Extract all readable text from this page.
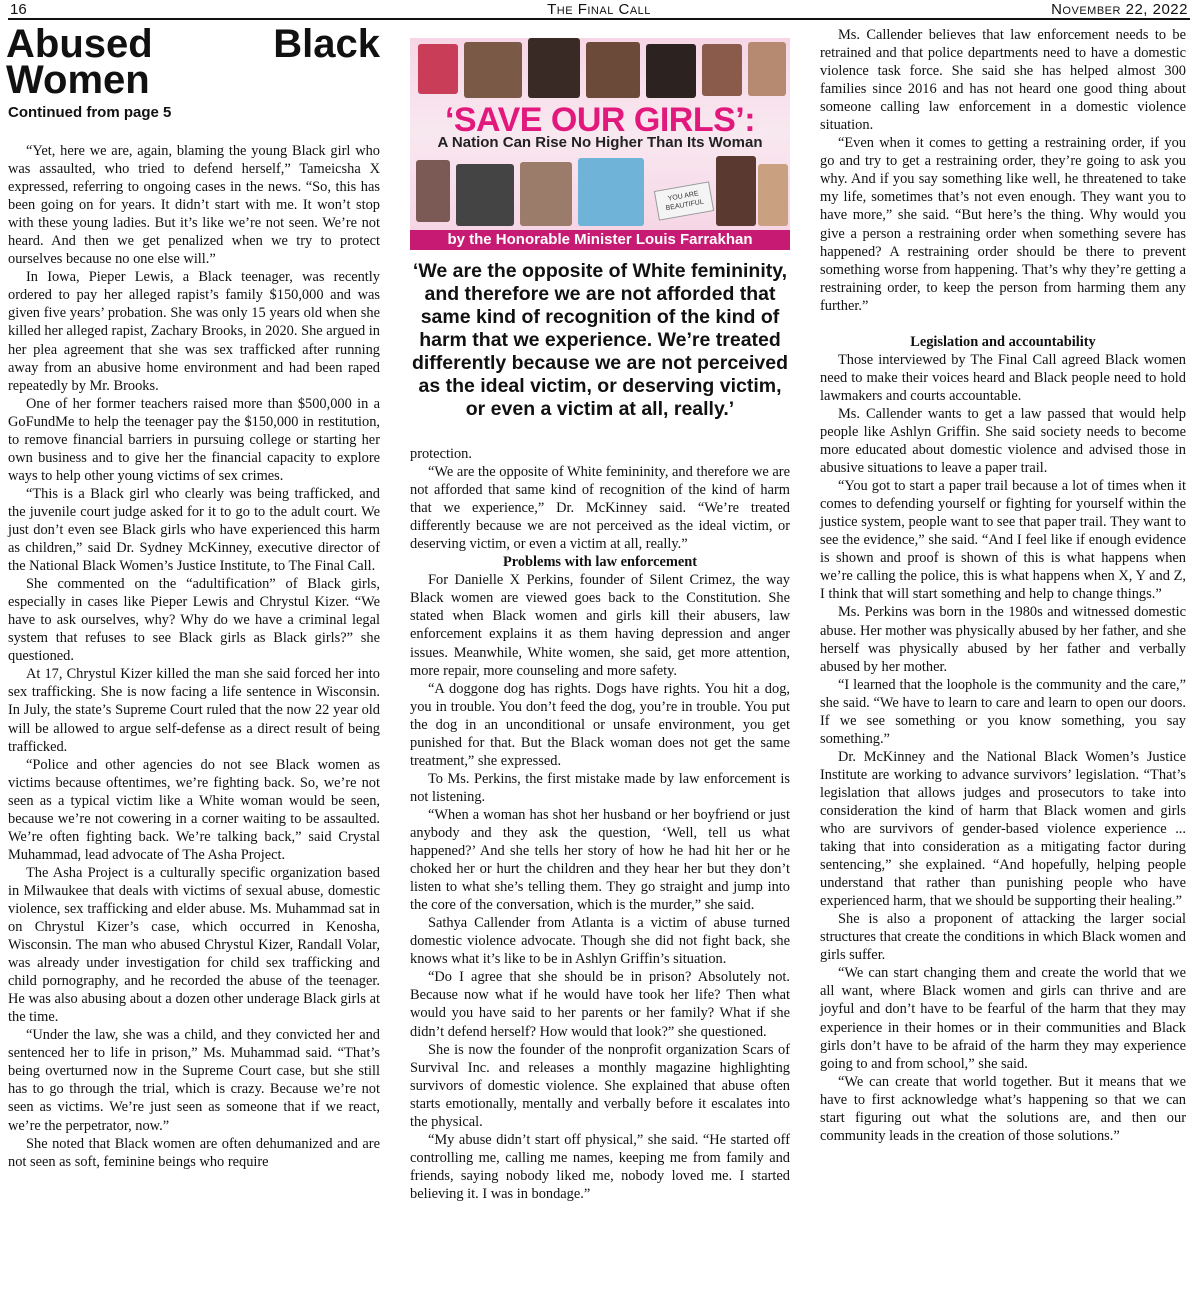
16	The Final Call	November 22, 2022
Abused Black Women
Continued from page 5

“Yet, here we are, again, blaming the young Black girl who was assaulted, who tried to defend herself,” Tameicsha X expressed, referring to ongoing cases in the news. “So, this has been going on for years. It didn’t start with me. It won’t stop with these young ladies. But it’s like we’re not seen. We’re not heard. And then we get penalized when we try to protect ourselves because no one else will.”

In Iowa, Pieper Lewis, a Black teenager, was recently ordered to pay her alleged rapist’s family $150,000 and was given five years’ probation. She was only 15 years old when she killed her alleged rapist, Zachary Brooks, in 2020. She argued in her plea agreement that she was sex trafficked after running away from an abusive home environment and had been raped repeatedly by Mr. Brooks.

One of her former teachers raised more than $500,000 in a GoFundMe to help the teenager pay the $150,000 in restitution, to remove financial barriers in pursuing college or starting her own business and to give her the financial capacity to explore ways to help other young victims of sex crimes.

“This is a Black girl who clearly was being trafficked, and the juvenile court judge asked for it to go to the adult court. We just don’t even see Black girls who have experienced this harm as children,” said Dr. Sydney McKinney, executive director of the National Black Women’s Justice Institute, to The Final Call.

She commented on the “adultification” of Black girls, especially in cases like Pieper Lewis and Chrystul Kizer. “We have to ask ourselves, why? Why do we have a criminal legal system that refuses to see Black girls as Black girls?” she questioned.

At 17, Chrystul Kizer killed the man she said forced her into sex trafficking. She is now facing a life sentence in Wisconsin. In July, the state’s Supreme Court ruled that the now 22 year old will be allowed to argue self-defense as a direct result of being trafficked.

“Police and other agencies do not see Black women as victims because oftentimes, we’re fighting back. So, we’re not seen as a typical victim like a White woman would be seen, because we’re not cowering in a corner waiting to be assaulted. We’re often fighting back. We’re talking back,” said Crystal Muhammad, lead advocate of The Asha Project.

The Asha Project is a culturally specific organization based in Milwaukee that deals with victims of sexual abuse, domestic violence, sex trafficking and elder abuse. Ms. Muhammad sat in on Chrystul Kizer’s case, which occurred in Kenosha, Wisconsin. The man who abused Chrystul Kizer, Randall Volar, was already under investigation for child sex trafficking and child pornography, and he recorded the abuse of the teenager. He was also abusing about a dozen other underage Black girls at the time.

“Under the law, she was a child, and they convicted her and sentenced her to life in prison,” Ms. Muhammad said. “That’s being overturned now in the Supreme Court case, but she still has to go through the trial, which is crazy. Because we’re not seen as victims. We’re just seen as someone that if we react, we’re the perpetrator, now.”

She noted that Black women are often dehumanized and are not seen as soft, feminine beings who require

‘SAVE OUR GIRLS’:
A Nation Can Rise No Higher Than Its Woman
YOU ARE BEAUTIFUL
by the Honorable Minister Louis Farrakhan
‘We are the opposite of White femininity, and therefore we are not afforded that same kind of recognition of the kind of harm that we experience. We’re treated differently because we are not perceived as the ideal victim, or deserving victim, or even a victim at all, really.’

protection.

“We are the opposite of White femininity, and therefore we are not afforded that same kind of recognition of the kind of harm that we experience,” Dr. McKinney said. “We’re treated differently because we are not perceived as the ideal victim, or deserving victim, or even a victim at all, really.”

Problems with law enforcement

For Danielle X Perkins, founder of Silent Crimez, the way Black women are viewed goes back to the Constitution. She stated when Black women and girls kill their abusers, law enforcement explains it as them having depression and anger issues. Meanwhile, White women, she said, get more attention, more repair, more counseling and more safety.

“A doggone dog has rights. Dogs have rights. You hit a dog, you in trouble. You don’t feed the dog, you’re in trouble. You put the dog in an unconditional or unsafe environment, you get punished for that. But the Black woman does not get the same treatment,” she expressed.

To Ms. Perkins, the first mistake made by law enforcement is not listening.

“When a woman has shot her husband or her boyfriend or just anybody and they ask the question, ‘Well, tell us what happened?’ And she tells her story of how he had hit her or he choked her or hurt the children and they hear her but they don’t listen to what she’s telling them. They go straight and jump into the core of the conversation, which is the murder,” she said.

Sathya Callender from Atlanta is a victim of abuse turned domestic violence advocate. Though she did not fight back, she knows what it’s like to be in Ashlyn Griffin’s situation.

“Do I agree that she should be in prison? Absolutely not. Because now what if he would have took her life? Then what would you have said to her parents or her family? What if she didn’t defend herself? How would that look?” she questioned.

She is now the founder of the nonprofit organization Scars of Survival Inc. and releases a monthly magazine highlighting survivors of domestic violence. She explained that abuse often starts emotionally, mentally and verbally before it escalates into the physical.

“My abuse didn’t start off physical,” she said. “He started off controlling me, calling me names, keeping me from family and friends, saying nobody liked me, nobody loved me. I started believing it. I was in bondage.”

Ms. Callender believes that law enforcement needs to be retrained and that police departments need to have a domestic violence task force. She said she has helped almost 300 families since 2016 and has not heard one good thing about someone calling law enforcement in a domestic violence situation.

“Even when it comes to getting a restraining order, if you go and try to get a restraining order, they’re going to ask you why. And if you say something like well, he threatened to take my life, sometimes that’s not even enough. They want you to have more,” she said. “But here’s the thing. Why would you give a person a restraining order when something severe has happened? A restraining order should be there to prevent something worse from happening. That’s why they’re getting a restraining order, to keep the person from harming them any further.”

Legislation and accountability

Those interviewed by The Final Call agreed Black women need to make their voices heard and Black people need to hold lawmakers and courts accountable.

Ms. Callender wants to get a law passed that would help people like Ashlyn Griffin. She said society needs to become more educated about domestic violence and advised those in abusive situations to leave a paper trail.

“You got to start a paper trail because a lot of times when it comes to defending yourself or fighting for yourself within the justice system, people want to see that paper trail. They want to see the evidence,” she said. “And I feel like if enough evidence is shown and proof is shown of this is what happens when we’re calling the police, this is what happens when X, Y and Z, I think that will start something and help to change things.”

Ms. Perkins was born in the 1980s and witnessed domestic abuse. Her mother was physically abused by her father, and she herself was physically abused by her father and verbally abused by her mother.

“I learned that the loophole is the community and the care,” she said. “We have to learn to care and learn to open our doors. If we see something or you know something, you say something.”

Dr. McKinney and the National Black Women’s Justice Institute are working to advance survivors’ legislation. “That’s legislation that allows judges and prosecutors to take into consideration the kind of harm that Black women and girls who are survivors of gender-based violence experience ... taking that into consideration as a mitigating factor during sentencing,” she explained. “And hopefully, helping people understand that rather than punishing people who have experienced harm, that we should be supporting their healing.”

She is also a proponent of attacking the larger social structures that create the conditions in which Black women and girls suffer.

“We can start changing them and create the world that we all want, where Black women and girls can thrive and are joyful and don’t have to be fearful of the harm that they may experience in their homes or in their communities and Black girls don’t have to be afraid of the harm they may experience going to and from school,” she said.

“We can create that world together. But it means that we have to first acknowledge what’s happening so that we can start figuring out what the solutions are, and then our community leads in the creation of those solutions.”
